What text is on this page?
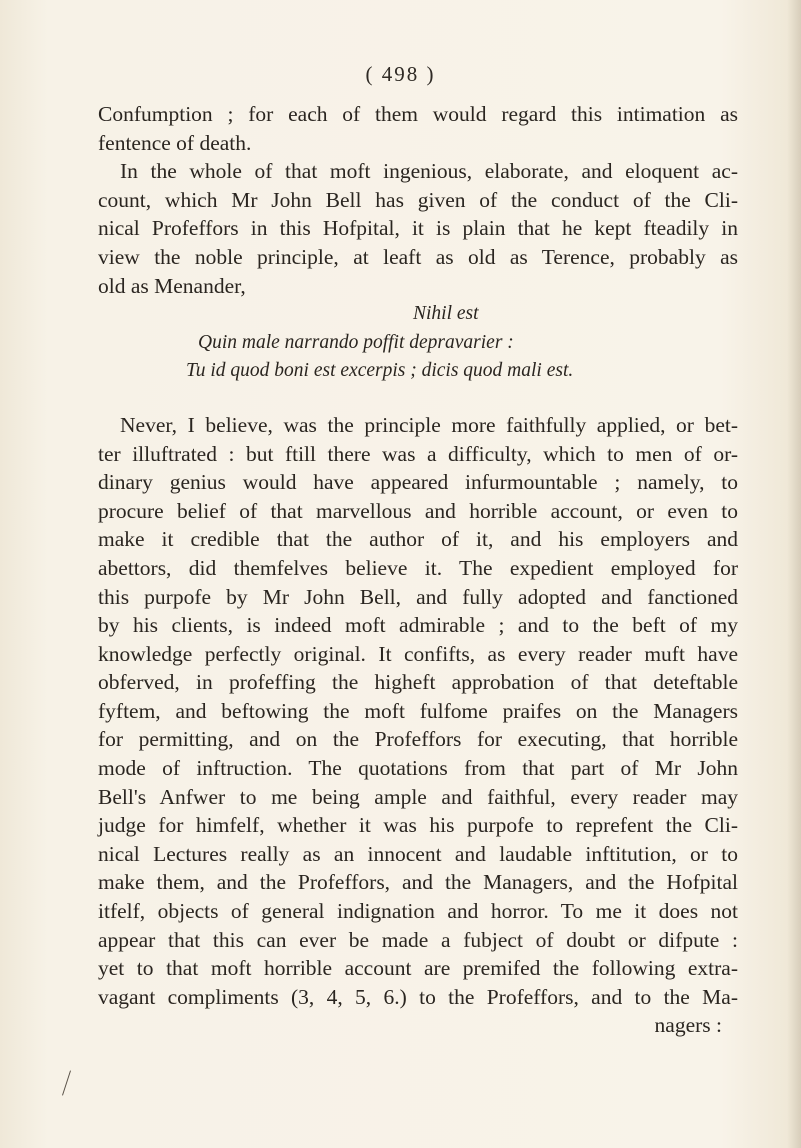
( 498 )
Confumption ; for each of them would regard this intimation as
fentence of death.
In the whole of that moft ingenious, elaborate, and eloquent ac-
count, which Mr John Bell has given of the conduct of the Cli-
nical Profeffors in this Hofpital, it is plain that he kept fteadily in
view the noble principle, at leaft as old as Terence, probably as
old as Menander,
Nihil est
Quin male narrando poffit depravarier :
Tu id quod boni est excerpis ; dicis quod mali est.
Never, I believe, was the principle more faithfully applied, or bet-
ter illuftrated : but ftill there was a difficulty, which to men of or-
dinary genius would have appeared infurmountable ; namely, to
procure belief of that marvellous and horrible account, or even to
make it credible that the author of it, and his employers and
abettors, did themfelves believe it. The expedient employed for
this purpofe by Mr John Bell, and fully adopted and fanctioned
by his clients, is indeed moft admirable ; and to the beft of my
knowledge perfectly original. It confifts, as every reader muft have
obferved, in profeffing the higheft approbation of that deteftable
fyftem, and beftowing the moft fulfome praifes on the Managers
for permitting, and on the Profeffors for executing, that horrible
mode of inftruction. The quotations from that part of Mr John
Bell's Anfwer to me being ample and faithful, every reader may
judge for himfelf, whether it was his purpofe to reprefent the Cli-
nical Lectures really as an innocent and laudable inftitution, or to
make them, and the Profeffors, and the Managers, and the Hofpital
itfelf, objects of general indignation and horror. To me it does not
appear that this can ever be made a fubject of doubt or difpute :
yet to that moft horrible account are premifed the following extra-
vagant compliments (3, 4, 5, 6.) to the Profeffors, and to the Ma-
nagers :
